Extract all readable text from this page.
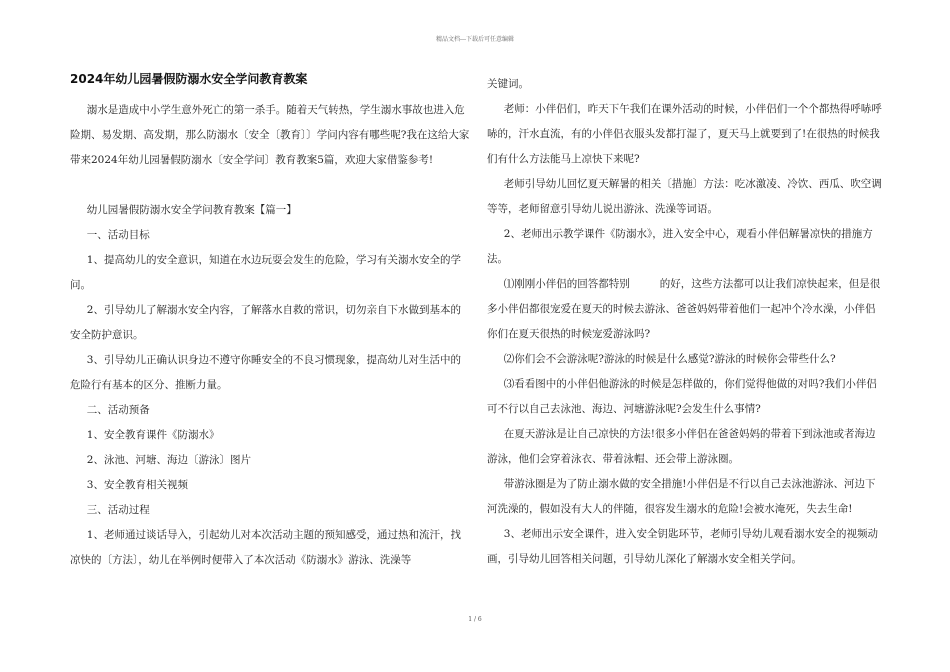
精品文档---下载后可任意编辑
2024年幼儿园暑假防溺水安全学问教育教案

溺水是造成中小学生意外死亡的第一杀手。随着天气转热，学生溺水事故也进入危险期、易发期、高发期，那么防溺水〔安全〔教育〕〕学问内容有哪些呢?我在这给大家带来2024年幼儿园暑假防溺水〔安全学问〕教育教案5篇，欢迎大家借鉴参考!

幼儿园暑假防溺水安全学问教育教案【篇一】

一、活动目标

1、提高幼儿的安全意识，知道在水边玩耍会发生的危险，学习有关溺水安全的学问。

2、引导幼儿了解溺水安全内容，了解落水自救的常识，切勿亲自下水做到基本的安全防护意识。

3、引导幼儿正确认识身边不遵守你睡安全的不良习惯现象，提高幼儿对生活中的危险行有基本的区分、推断力量。

二、活动预备

1、安全教育课件《防溺水》

2、泳池、河塘、海边〔游泳〕图片

3、安全教育相关视频

三、活动过程

1、老师通过谈话导入，引起幼儿对本次活动主题的预知感受，通过热和流汗，找凉快的〔方法〕，幼儿在举例时便带入了本次活动《防溺水》游泳、洗澡等

关键词。

老师：小伴侣们，昨天下午我们在课外活动的时候，小伴侣们一个个都热得呼哧呼哧的，汗水直流，有的小伴侣衣服头发都打湿了，夏天马上就要到了!在很热的时候我们有什么方法能马上凉快下来呢?

老师引导幼儿回忆夏天解暑的相关〔措施〕方法：吃冰激凌、冷饮、西瓜、吹空调等等，老师留意引导幼儿说出游泳、洗澡等词语。

2、老师出示教学课件《防溺水》，进入安全中心，观看小伴侣解暑凉快的措施方法。

⑴刚刚小伴侣的回答都特别	的好，这些方法都可以让我们凉快起来，但是很多小伴侣都很宠爱在夏天的时候去游泳、爸爸妈妈带着他们一起冲个冷水澡，小伴侣你们在夏天很热的时候宠爱游泳吗?

⑵你们会不会游泳呢?游泳的时候是什么感觉?游泳的时候你会带些什么?

⑶看看图中的小伴侣他游泳的时候是怎样做的，你们觉得他做的对吗?我们小伴侣可不行以自己去泳池、海边、河塘游泳呢?会发生什么事情?

在夏天游泳是让自己凉快的方法!很多小伴侣在爸爸妈妈的带着下到泳池或者海边游泳，他们会穿着泳衣、带着泳帽、还会带上游泳圈。

带游泳圈是为了防止溺水做的安全措施!小伴侣是不行以自己去泳池游泳、河边下河洗澡的，假如没有大人的伴随，很容发生溺水的危险!会被水淹死，失去生命!

3、老师出示安全课件，进入安全钥匙环节，老师引导幼儿观看溺水安全的视频动画，引导幼儿回答相关问题，引导幼儿深化了解溺水安全相关学问。

1 / 6
